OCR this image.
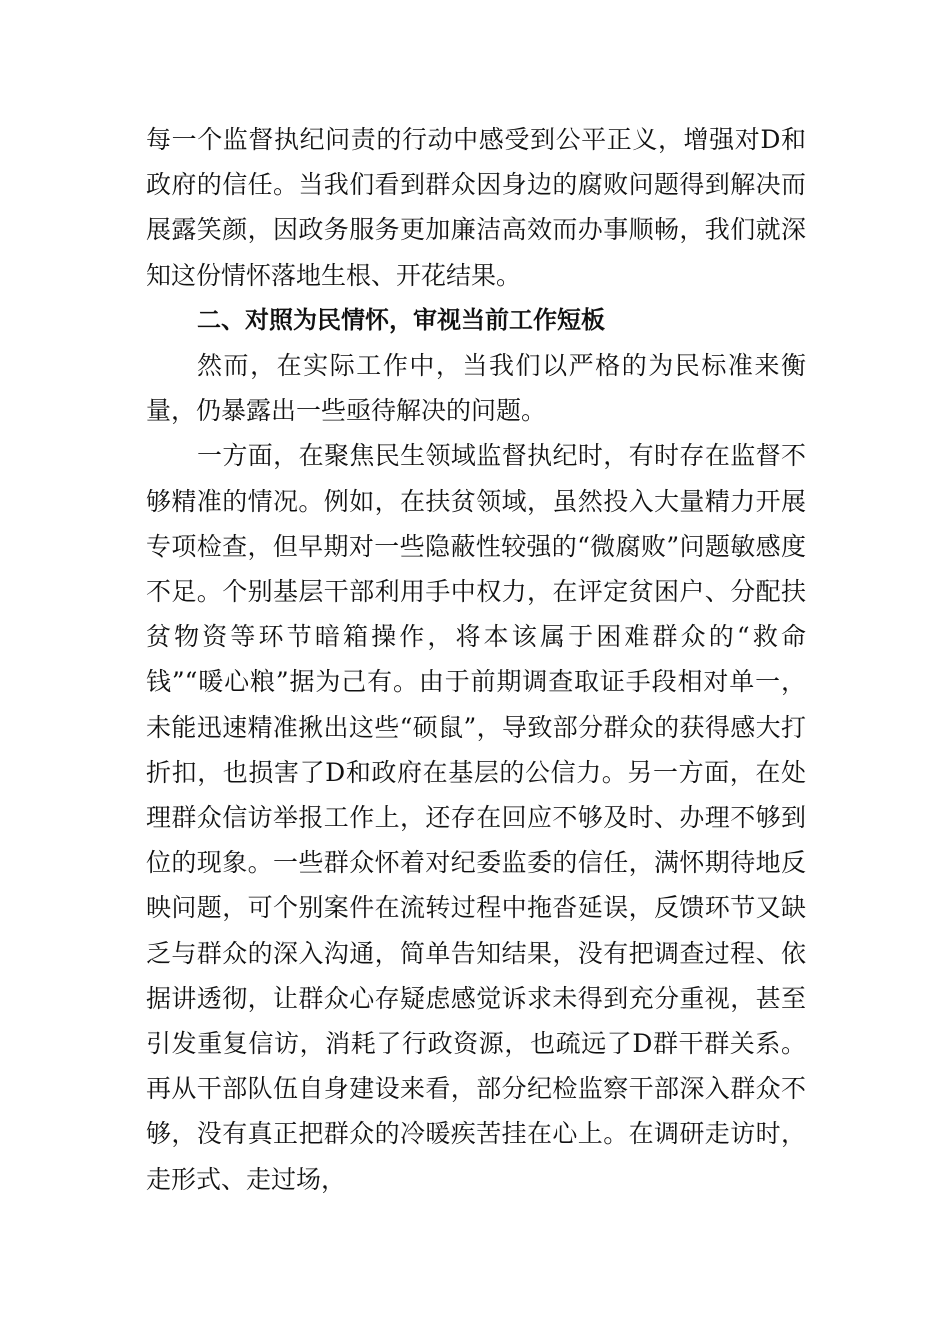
每一个监督执纪问责的行动中感受到公平正义，增强对D和政府的信任。当我们看到群众因身边的腐败问题得到解决而展露笑颜，因政务服务更加廉洁高效而办事顺畅，我们就深知这份情怀落地生根、开花结果。

二、对照为民情怀，审视当前工作短板

然而，在实际工作中，当我们以严格的为民标准来衡量，仍暴露出一些亟待解决的问题。

一方面，在聚焦民生领域监督执纪时，有时存在监督不够精准的情况。例如，在扶贫领域，虽然投入大量精力开展专项检查，但早期对一些隐蔽性较强的“微腐败”问题敏感度不足。个别基层干部利用手中权力，在评定贫困户、分配扶贫物资等环节暗箱操作，将本该属于困难群众的“救命钱”“暖心粮”据为己有。由于前期调查取证手段相对单一，未能迅速精准揪出这些“硕鼠”，导致部分群众的获得感大打折扣，也损害了D和政府在基层的公信力。另一方面，在处理群众信访举报工作上，还存在回应不够及时、办理不够到位的现象。一些群众怀着对纪委监委的信任，满怀期待地反映问题，可个别案件在流转过程中拖沓延误，反馈环节又缺乏与群众的深入沟通，简单告知结果，没有把调查过程、依据讲透彻，让群众心存疑虑感觉诉求未得到充分重视，甚至引发重复信访，消耗了行政资源，也疏远了D群干群关系。再从干部队伍自身建设来看，部分纪检监察干部深入群众不够，没有真正把群众的冷暖疾苦挂在心上。在调研走访时，走形式、走过场，
